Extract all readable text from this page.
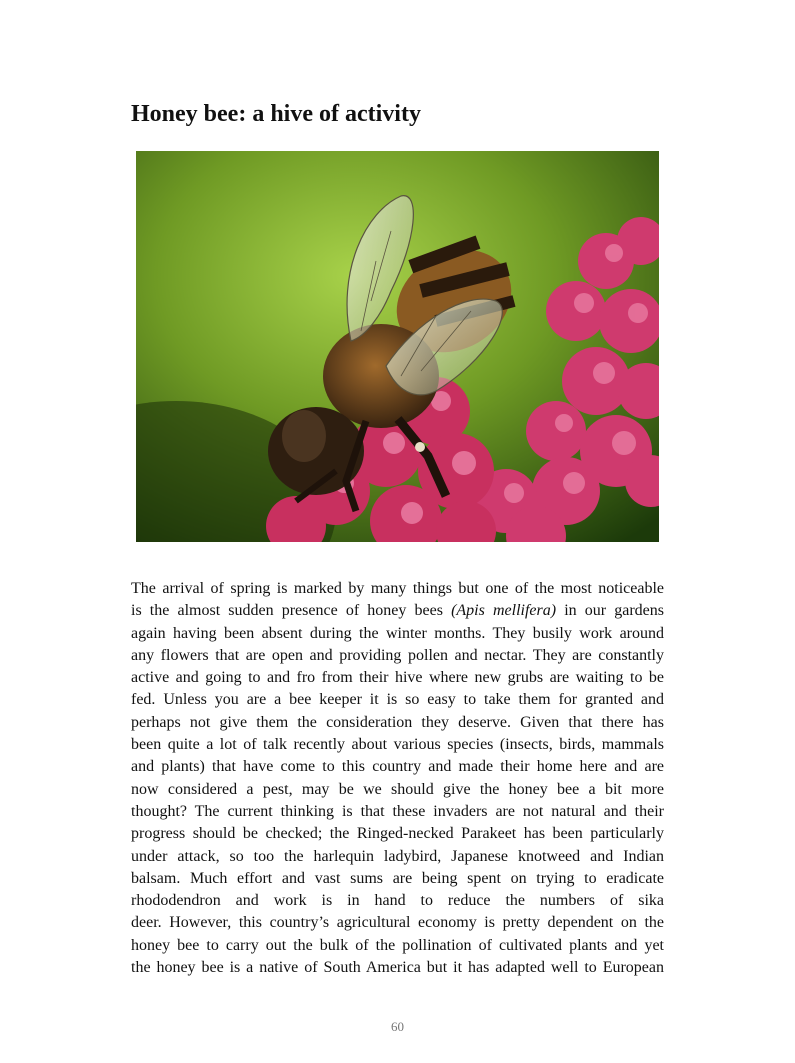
Honey bee: a hive of activity

The arrival of spring is marked by many things but one of the most noticeable
is the almost sudden presence of honey bees (Apis mellifera) in our gardens
again having been absent during the winter months. They busily work around
any flowers that are open and providing pollen and nectar. They are constantly
active and going to and fro from their hive where new grubs are waiting to be
fed. Unless you are a bee keeper it is so easy to take them for granted and
perhaps not give them the consideration they deserve. Given that there has
been quite a lot of talk recently about various species (insects, birds, mammals
and plants) that have come to this country and made their home here and are
now considered a pest, may be we should give the honey bee a bit more
thought? The current thinking is that these invaders are not natural and their
progress should be checked; the Ringed-necked Parakeet has been particularly
under attack, so too the harlequin ladybird, Japanese knotweed and Indian
balsam. Much effort and vast sums are being spent on trying to eradicate
rhododendron and work is in hand to reduce the numbers of sika
deer. However, this country’s agricultural economy is pretty dependent on the
honey bee to carry out the bulk of the pollination of cultivated plants and yet
the honey bee is a native of South America but it has adapted well to European

60
